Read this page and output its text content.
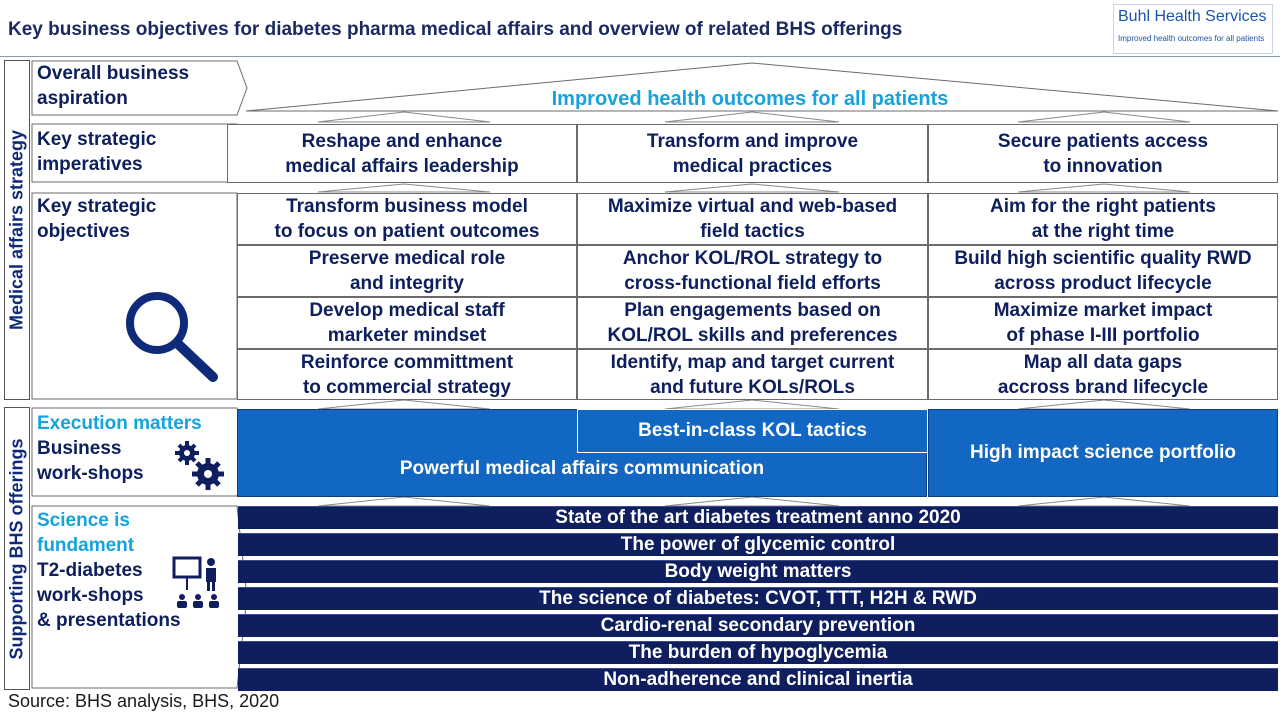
Key business objectives for diabetes pharma medical affairs and overview of related BHS offerings
Buhl Health Services
Improved health outcomes for all patients
Medical affairs strategy
Supporting BHS offerings
Overall business
aspiration
Key strategic
imperatives
Key strategic
objectives
Improved health outcomes for all patients
Reshape and enhance
medical affairs leadership
Transform and improve
medical practices
Secure patients access
to innovation
Transform business model
to focus on patient outcomes
Maximize virtual and web-based
field tactics
Aim for the right patients
at the right time
Preserve medical role
and integrity
Anchor KOL/ROL strategy to
cross-functional field efforts
Build high scientific quality RWD
across product lifecycle
Develop medical staff
marketer mindset
Plan engagements based on
KOL/ROL skills and preferences
Maximize market impact
of phase I-III portfolio
Reinforce committment
to commercial strategy
Identify, map and target current
and future KOLs/ROLs
Map all data gaps
accross brand lifecycle
Execution matters
Business
work-shops	Powerful medical affairs communication
Best-in-class KOL tactics
High impact science portfolio
Science is
fundament
T2-diabetes
work-shops
& presentations
State of the art diabetes treatment anno 2020
The power of glycemic control
Body weight matters
The science of diabetes: CVOT, TTT, H2H & RWD
Cardio-renal secondary prevention
The burden of hypoglycemia
Non-adherence and clinical inertia
Source: BHS analysis, BHS, 2020
